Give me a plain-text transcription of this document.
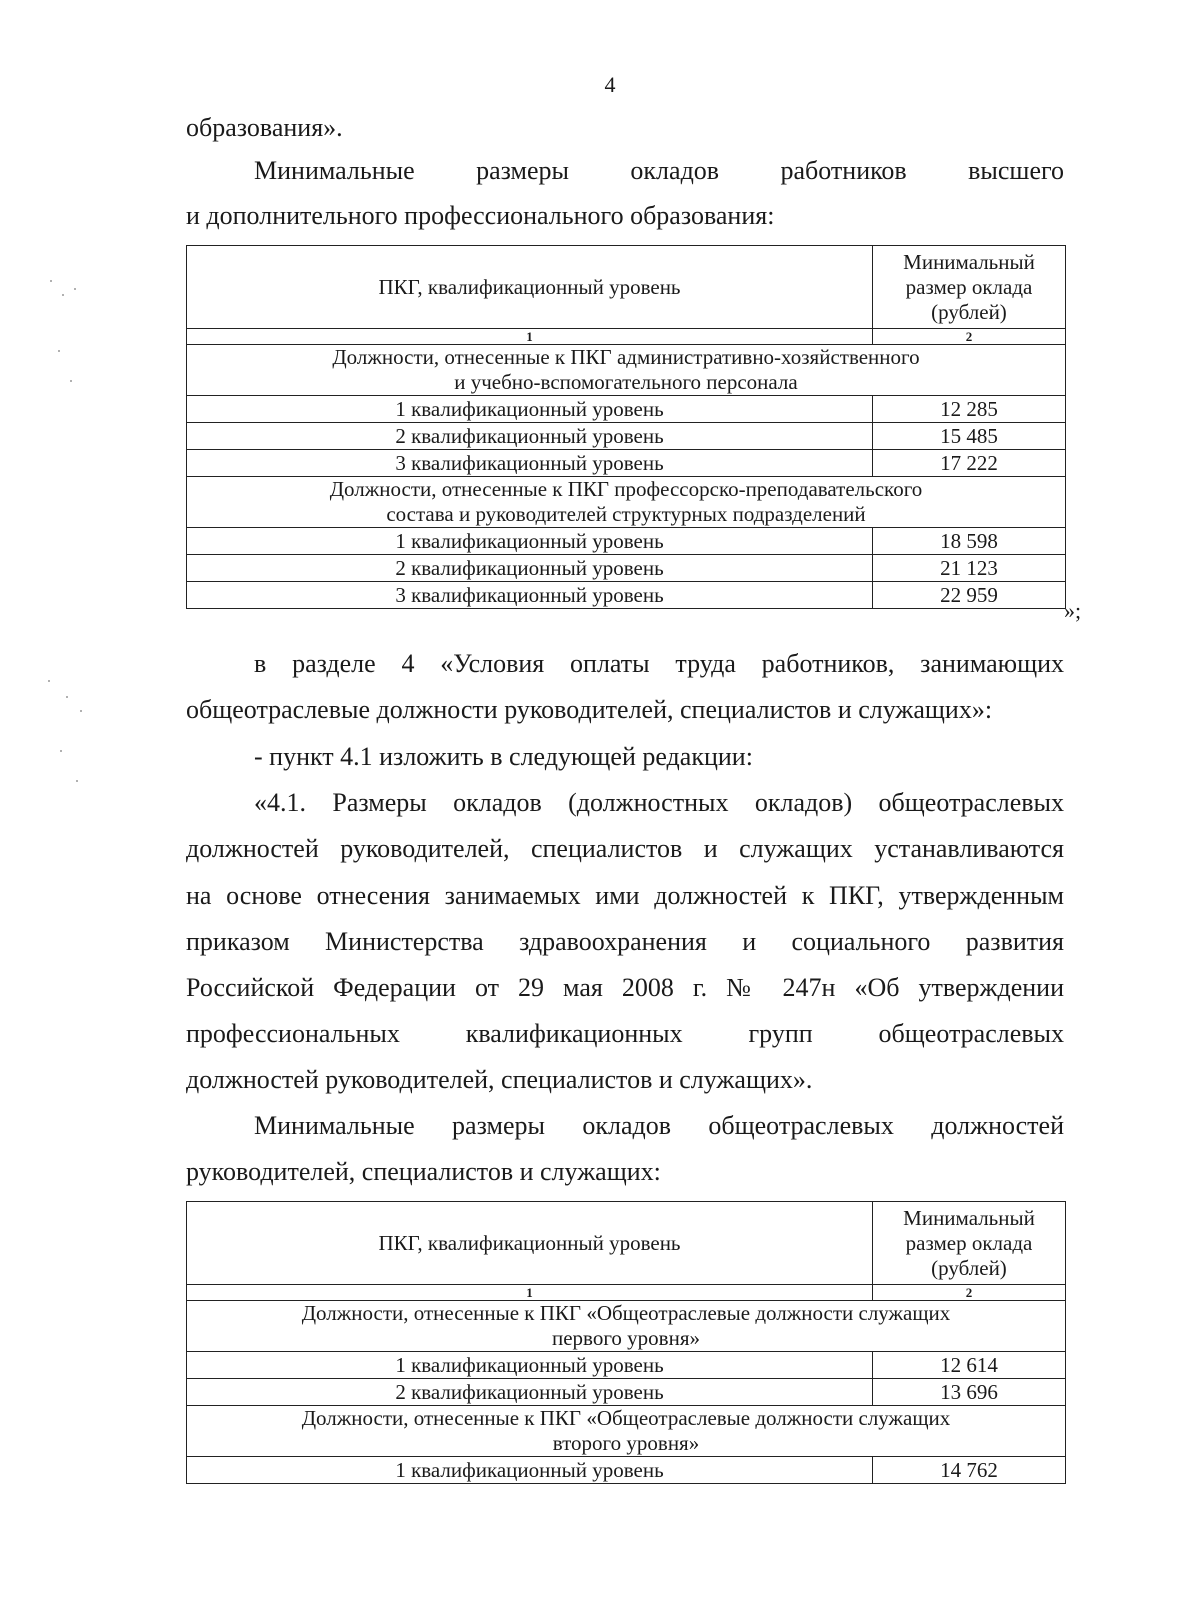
4
образования».
Минимальные размеры окладов работников высшего
и дополнительного профессионального образования:
ПКГ, квалификационный уровень	Минимальный
размер оклада
(рублей)

1	2

Должности, отнесенные к ПКГ административно-хозяйственного
и учебно-вспомогательного персонала	

1 квалификационный уровень	12 285
2 квалификационный уровень	15 485
3 квалификационный уровень	17 222

Должности, отнесенные к ПКГ профессорско-преподавательского
состава и руководителей структурных подразделений	

1 квалификационный уровень	18 598
2 квалификационный уровень	21 123
3 квалификационный уровень	22 959
»;
в разделе 4 «Условия оплаты труда работников, занимающих
общеотраслевые должности руководителей, специалистов и служащих»:
- пункт 4.1 изложить в следующей редакции:
«4.1. Размеры окладов (должностных окладов) общеотраслевых
должностей руководителей, специалистов и служащих устанавливаются
на основе отнесения занимаемых ими должностей к ПКГ, утвержденным
приказом Министерства здравоохранения и социального развития
Российской Федерации от 29 мая 2008 г. № 247н «Об утверждении
профессиональных квалификационных групп общеотраслевых
должностей руководителей, специалистов и служащих».
Минимальные размеры окладов общеотраслевых должностей
руководителей, специалистов и служащих:
ПКГ, квалификационный уровень	Минимальный
размер оклада
(рублей)

1	2

Должности, отнесенные к ПКГ «Общеотраслевые должности служащих
первого уровня»	

1 квалификационный уровень	12 614
2 квалификационный уровень	13 696

Должности, отнесенные к ПКГ «Общеотраслевые должности служащих
второго уровня»	

1 квалификационный уровень	14 762
